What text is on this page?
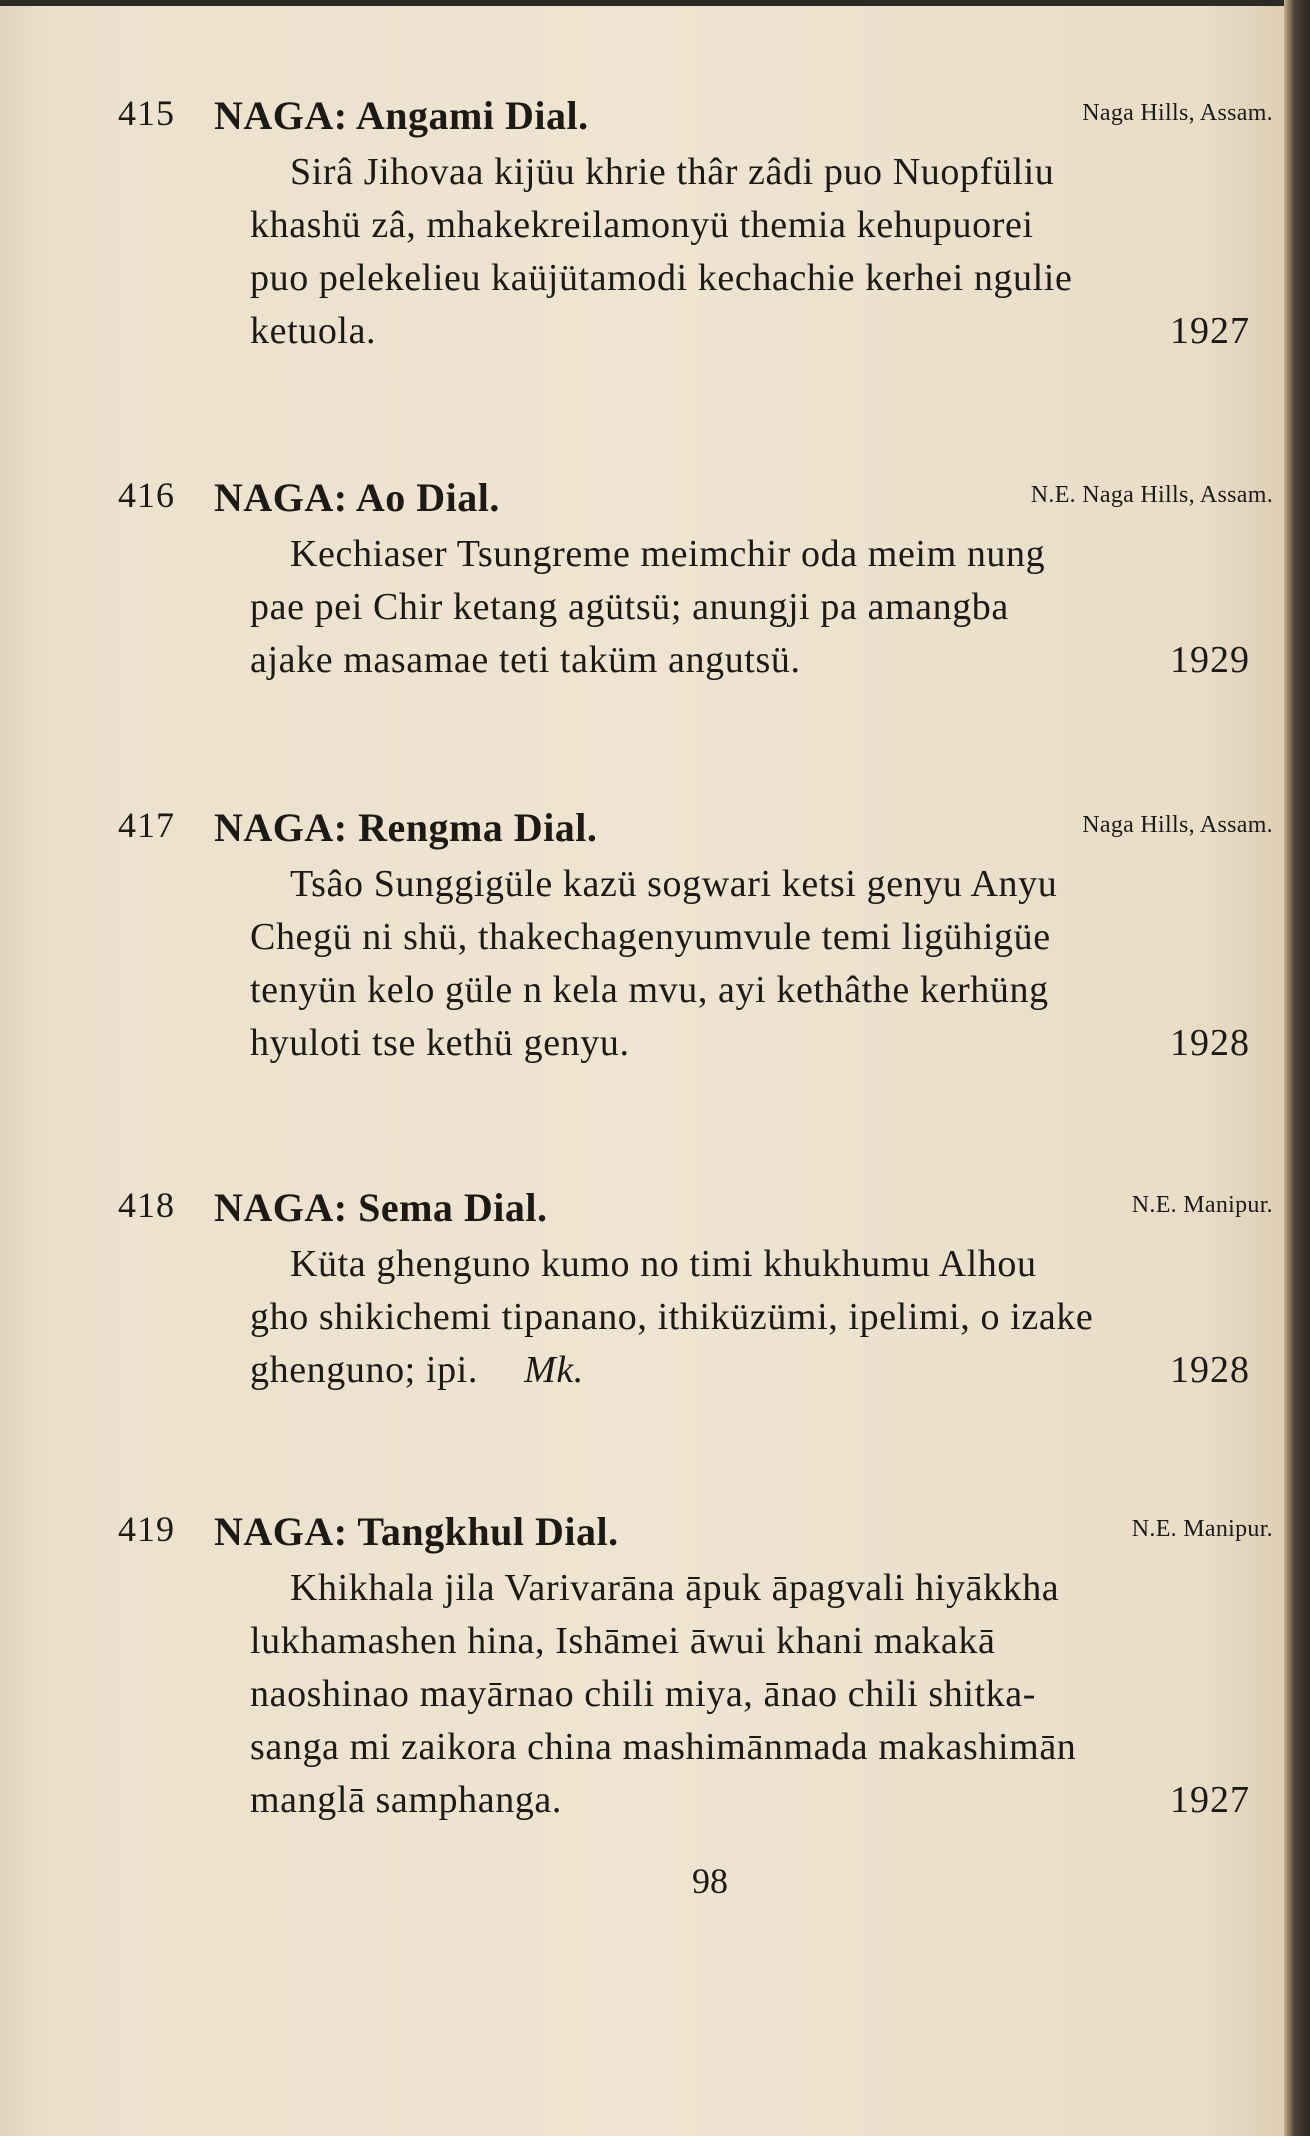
415 NAGA: Angami Dial.	Naga Hills, Assam.
Sirâ Jihovaa kijüu khrie thâr zâdi puo Nuopfüliu
khashü zâ, mhakekreilamonyü themia kehupuorei
puo pelekelieu kaüjütamodi kechachie kerhei ngulie
ketuola.	1927
416 NAGA: Ao Dial.	N.E. Naga Hills, Assam.
Kechiaser Tsungreme meimchir oda meim nung
pae pei Chir ketang agütsü; anungji pa amangba
ajake masamae teti taküm angutsü.	1929
417 NAGA: Rengma Dial.	Naga Hills, Assam.
Tsâo Sunggigüle kazü sogwari ketsi genyu Anyu
Chegü ni shü, thakechagenyumvule temi ligühigüe
tenyün kelo güle n kela mvu, ayi kethâthe kerhüng
hyuloti tse kethü genyu.	1928
418 NAGA: Sema Dial.	N.E. Manipur.
Küta ghenguno kumo no timi khukhumu Alhou
gho shikichemi tipanano, ithiküzümi, ipelimi, o izake
ghenguno; ipi. Mk.	1928
419 NAGA: Tangkhul Dial.	N.E. Manipur.
Khikhala jila Varivarāna āpuk āpagvali hiyākkha
lukhamashen hina, Ishāmei āwui khani makakā
naoshinao mayārnao chili miya, ānao chili shitka-
sanga mi zaikora china mashimānmada makashimān
manglā samphanga.	1927
98
